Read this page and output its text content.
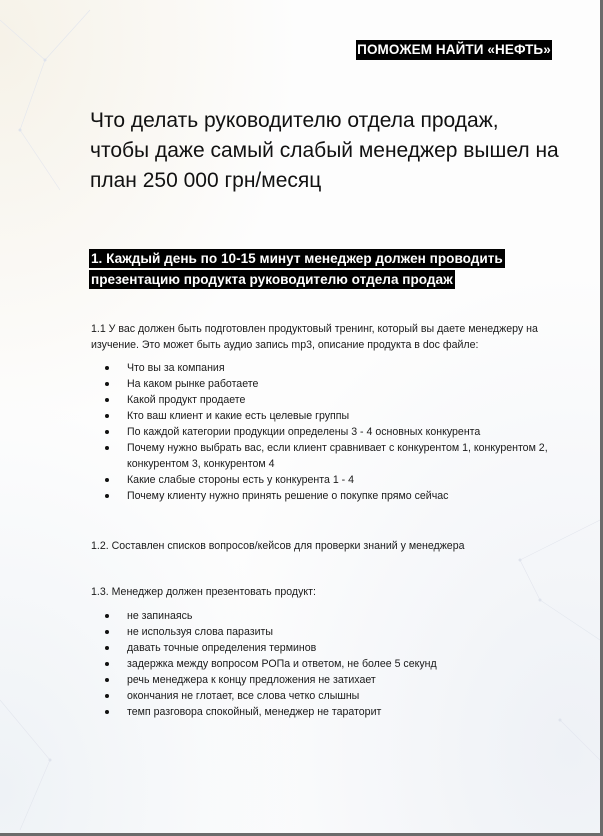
ПОМОЖЕМ НАЙТИ «НЕФТЬ»
Что делать руководителю отдела продаж, чтобы даже самый слабый менеджер вышел на план 250 000 грн/месяц
1. Каждый день по 10-15 минут менеджер должен проводить презентацию продукта руководителю отдела продаж

1.1 У вас должен быть подготовлен продуктовый тренинг, который вы даете менеджеру на изучение. Это может быть аудио запись mp3, описание продукта в doc файле:

Что вы за компания
На каком рынке работаете
Какой продукт продаете
Кто ваш клиент и какие есть целевые группы
По каждой категории продукции определены 3 - 4 основных конкурента
Почему нужно выбрать вас, если клиент сравнивает с конкурентом 1, конкурентом 2, конкурентом 3, конкурентом 4
Какие слабые стороны есть у конкурента 1 - 4
Почему клиенту нужно принять решение о покупке прямо сейчас

1.2. Составлен списков вопросов/кейсов для проверки знаний у менеджера

1.3. Менеджер должен презентовать продукт:

не запинаясь
не используя слова паразиты
давать точные определения терминов
задержка между вопросом РОПа и ответом, не более 5 секунд
речь менеджера к концу предложения не затихает
окончания не глотает, все слова четко слышны
темп разговора спокойный, менеджер не тараторит
